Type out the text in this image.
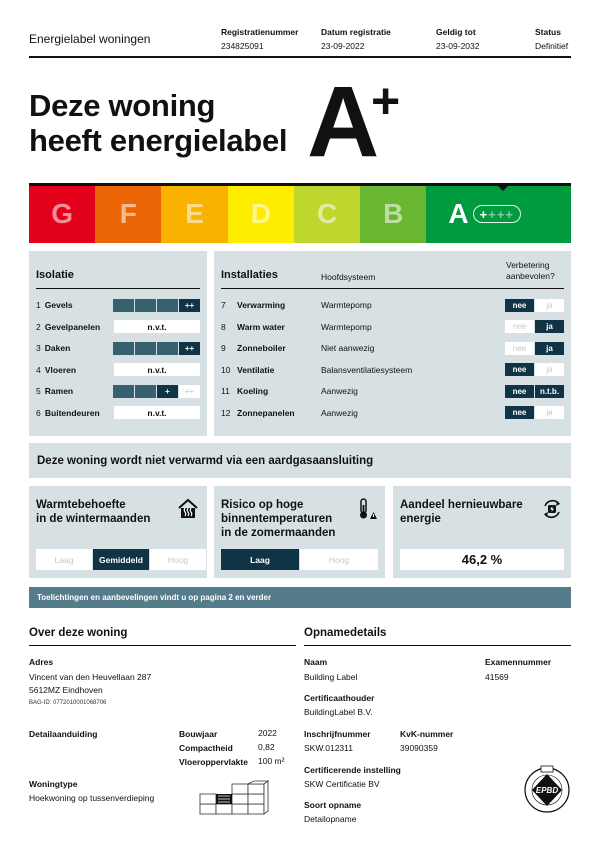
Energielabel woningen	Registratienummer
234825091
Datum registratie
23-09-2022
Geldig tot
23-09-2032
Status
Definitief
Deze woning
heeft energielabel A
+
G F E D C B A + +++
Isolatie
1 Gevels	++
2 Gevelpanelen	n.v.t.
3 Daken	++
4 Vloeren	n.v.t.
5 Ramen	+	++
6 Buitendeuren	n.v.t.
Installaties	Hoofdsysteem
Verbetering aanbevolen?
7	Verwarming	Warmtepomp	nee	ja
8	Warm water	Warmtepomp	nee	ja
9	Zonneboiler	Niet aanwezig	nee	ja
10 Ventilatie	Balansventilatiesysteem	nee	ja
11 Koeling	Aanwezig	nee	n.t.b.
12 Zonnepanelen	Aanwezig	nee	ja
Deze woning wordt niet verwarmd via een aardgasaansluiting
Warmtebehoefte
in de wintermaanden
Laag	Gemiddeld	Hoog
Risico op hoge
binnentemperaturen
in de zomermaanden
Laag	Hoog
Aandeel hernieuwbare
energie
46,2 %
Toelichtingen en aanbevelingen vindt u op pagina 2 en verder
Over deze woning
Adres
Vincent van den Heuvellaan 287
5612MZ Eindhoven
BAG-ID: 0772010001068706
Detailaanduiding	Bouwjaar	2022
Compactheid	0,82
Vloeroppervlakte 100 m²
Woningtype
Hoekwoning op tussenverdieping
Opnamedetails
Naam
Building Label
Examennummer
41569
Certificaathouder
BuildingLabel B.V.
Inschrijfnummer
SKW.012311
KvK-nummer
39090359
Certificerende instelling
SKW Certificatie BV
Soort opname
Detailopname
EPBD
